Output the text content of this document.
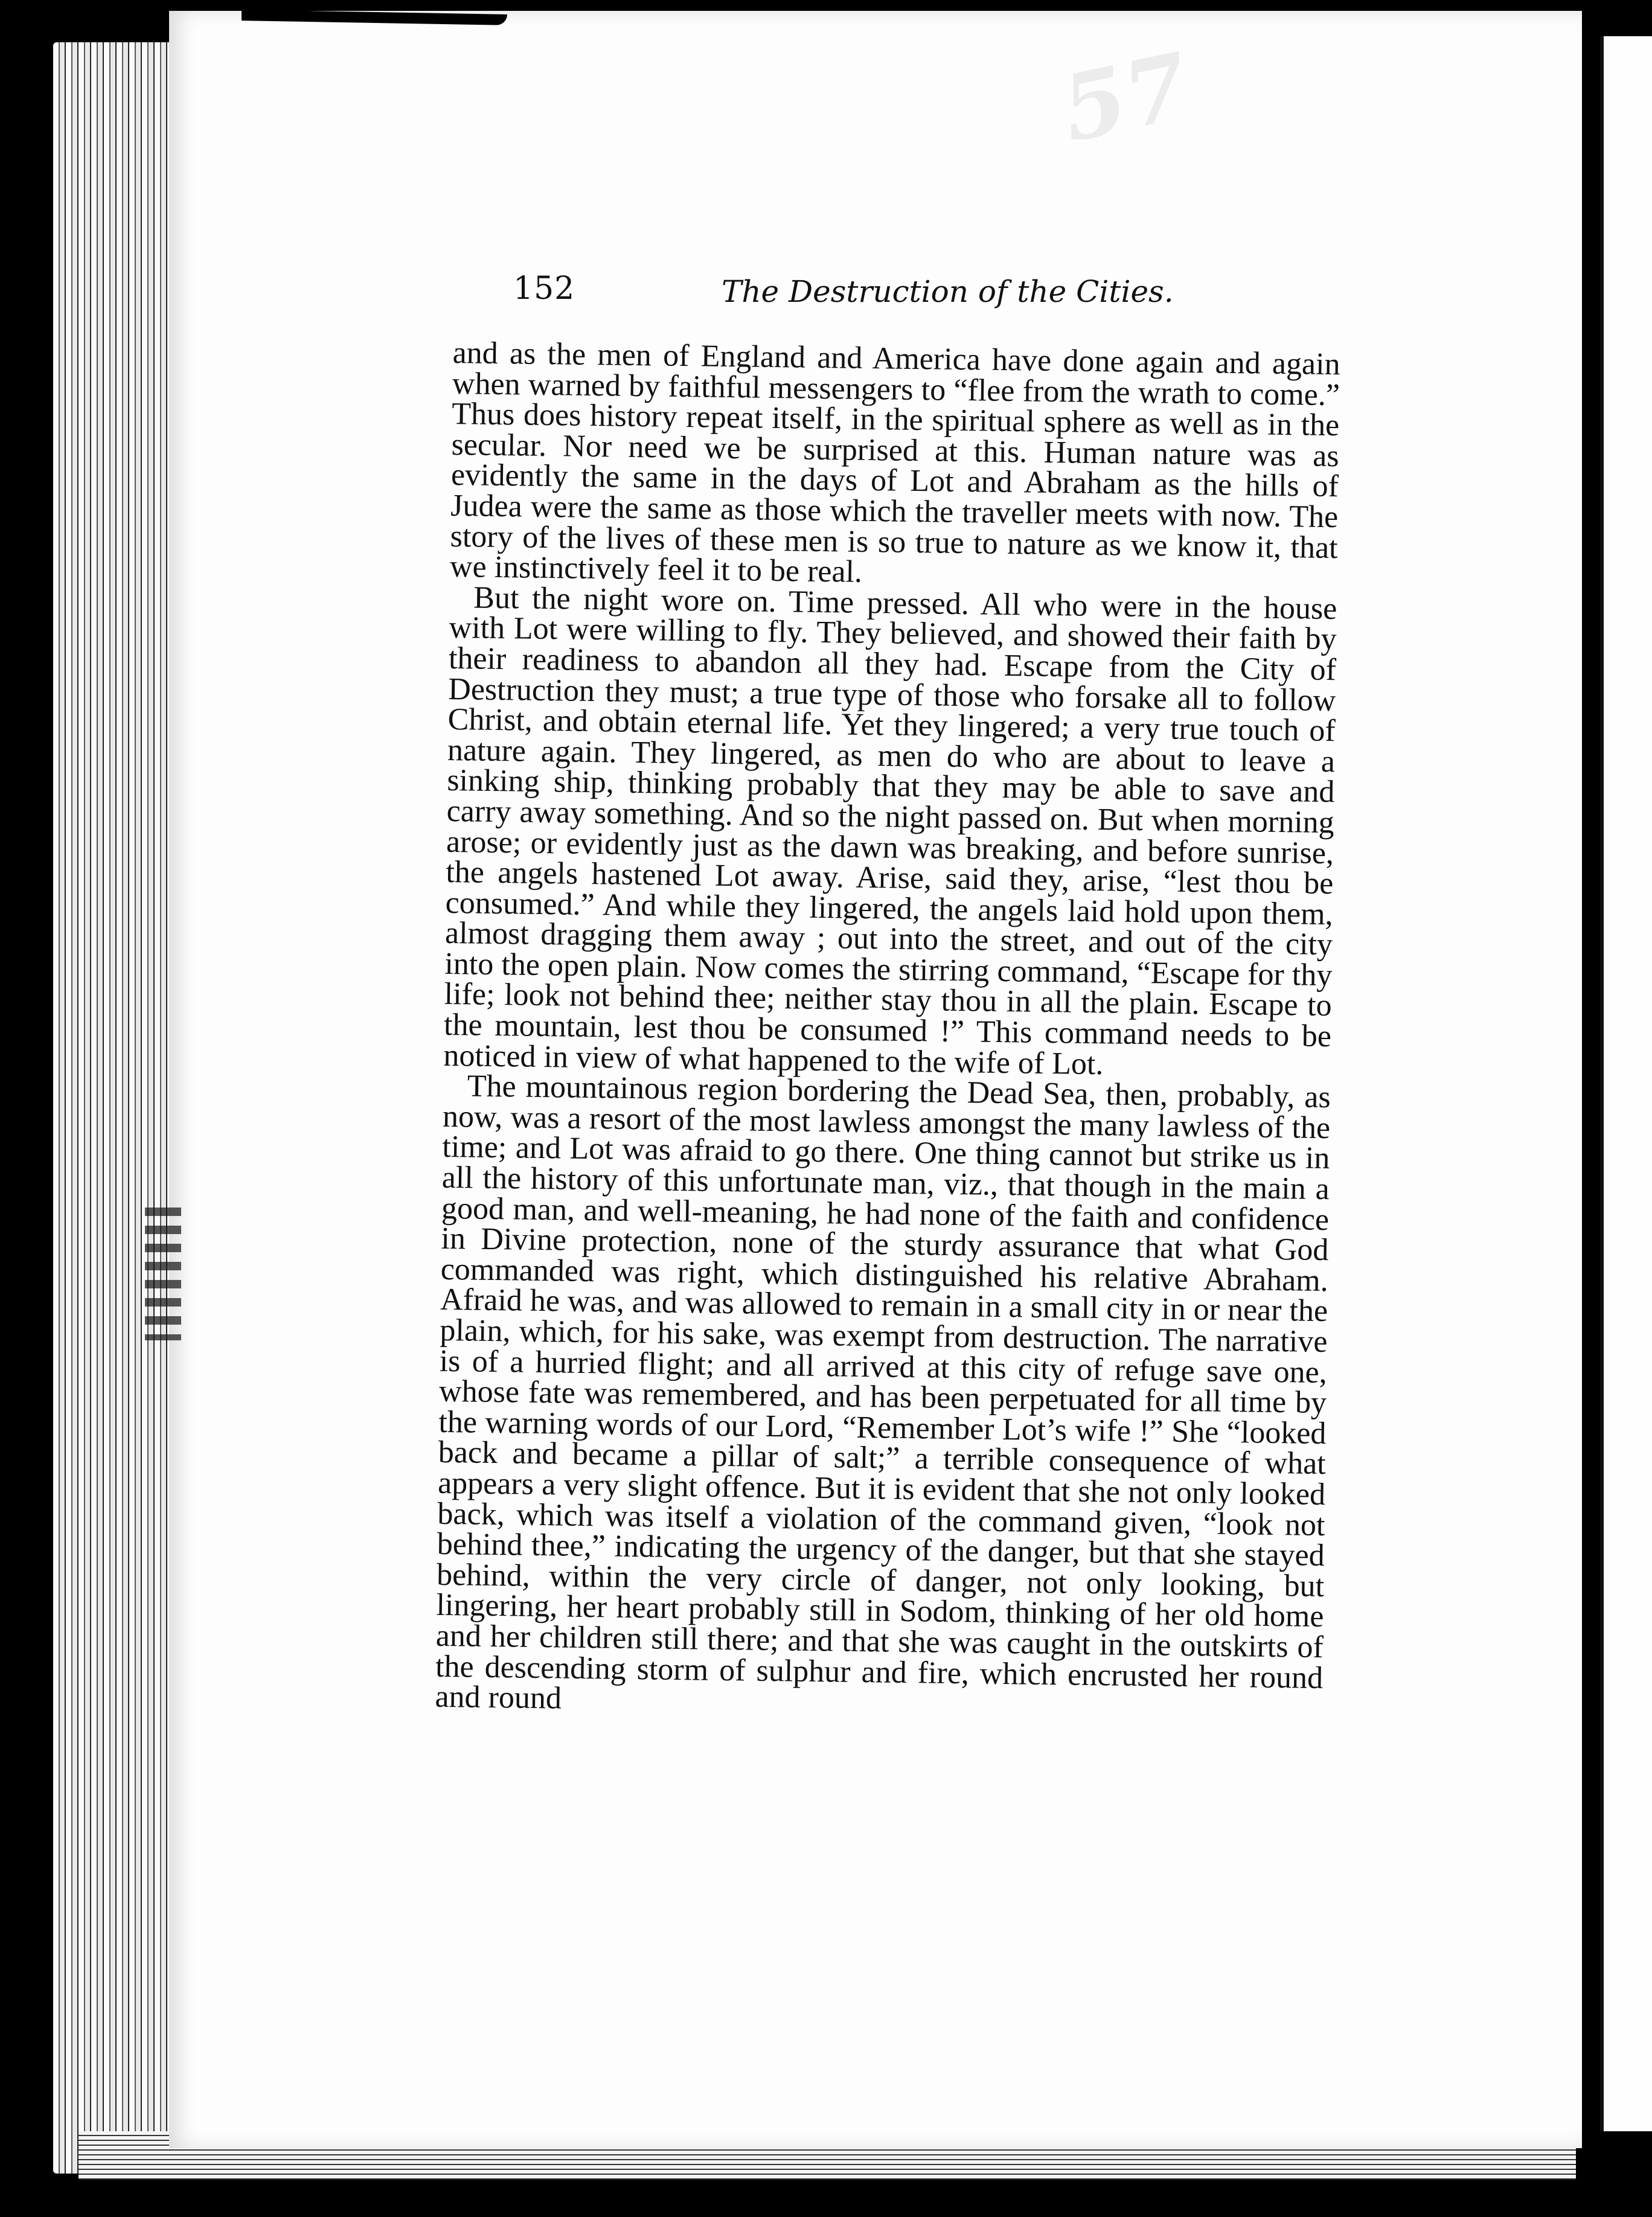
57
152	The Destruction of the Cities.

and as the men of England and America have done again and again when warned by faithful messengers to “flee from the wrath to come.” Thus does history repeat itself, in the spiritual sphere as well as in the secular. Nor need we be surprised at this. Human nature was as evidently the same in the days of Lot and Abraham as the hills of Judea were the same as those which the traveller meets with now. The story of the lives of these men is so true to nature as we know it, that we instinctively feel it to be real.

But the night wore on. Time pressed. All who were in the house with Lot were willing to fly. They believed, and showed their faith by their readiness to abandon all they had. Escape from the City of Destruction they must; a true type of those who forsake all to follow Christ, and obtain eternal life. Yet they lingered; a very true touch of nature again. They lingered, as men do who are about to leave a sinking ship, thinking probably that they may be able to save and carry away something. And so the night passed on. But when morning arose; or evidently just as the dawn was breaking, and before sunrise, the angels hastened Lot away. Arise, said they, arise, “lest thou be consumed.” And while they lingered, the angels laid hold upon them, almost dragging them away ; out into the street, and out of the city into the open plain. Now comes the stirring command, “Escape for thy life; look not behind thee; neither stay thou in all the plain. Escape to the mountain, lest thou be consumed !” This command needs to be noticed in view of what happened to the wife of Lot.

The mountainous region bordering the Dead Sea, then, probably, as now, was a resort of the most lawless amongst the many lawless of the time; and Lot was afraid to go there. One thing cannot but strike us in all the history of this unfortunate man, viz., that though in the main a good man, and well-meaning, he had none of the faith and confidence in Divine protection, none of the sturdy assurance that what God commanded was right, which distinguished his relative Abraham. Afraid he was, and was allowed to remain in a small city in or near the plain, which, for his sake, was exempt from destruction. The narrative is of a hurried flight; and all arrived at this city of refuge save one, whose fate was remembered, and has been perpetuated for all time by the warning words of our Lord, “Remember Lot’s wife !” She “looked back and became a pillar of salt;” a terrible consequence of what appears a very slight offence. But it is evident that she not only looked back, which was itself a violation of the command given, “look not behind thee,” indicating the urgency of the danger, but that she stayed behind, within the very circle of danger, not only looking, but lingering, her heart probably still in Sodom, thinking of her old home and her children still there; and that she was caught in the outskirts of the descending storm of sulphur and fire, which encrusted her round and round
